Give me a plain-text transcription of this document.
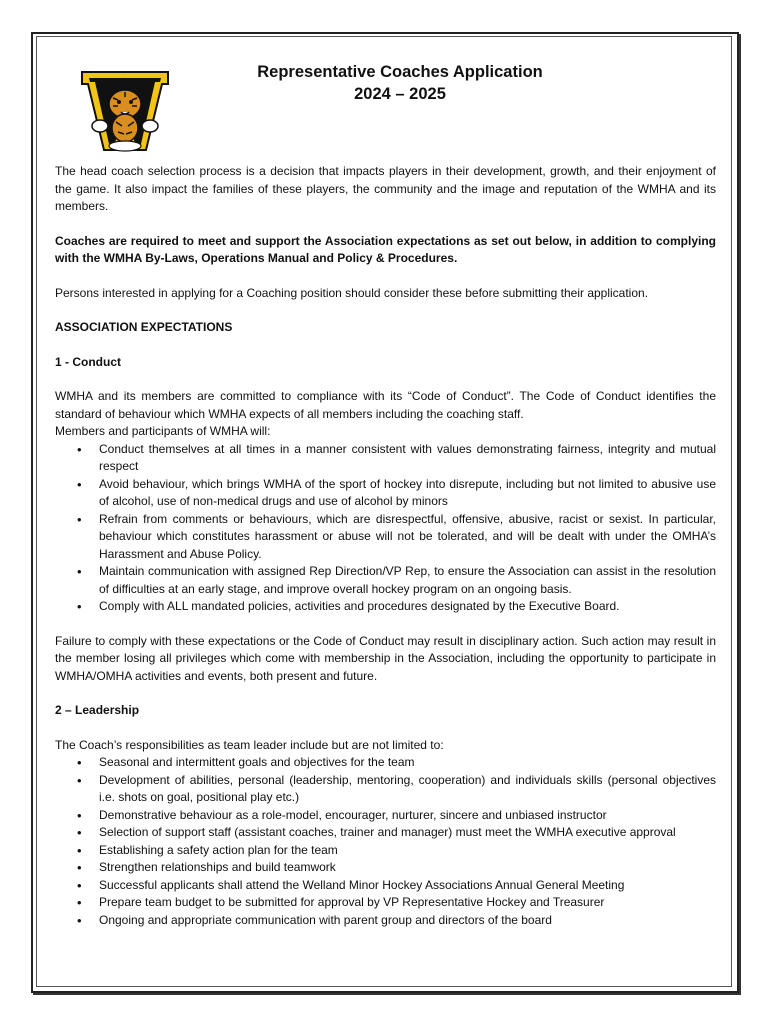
W	Representative Coaches Application
2024 – 2025

The head coach selection process is a decision that impacts players in their development, growth, and their enjoyment of the game. It also impact the families of these players, the community and the image and reputation of the WMHA and its members.

Coaches are required to meet and support the Association expectations as set out below, in addition to complying with the WMHA By-Laws, Operations Manual and Policy & Procedures.

Persons interested in applying for a Coaching position should consider these before submitting their application.

ASSOCIATION EXPECTATIONS
1 - Conduct

WMHA and its members are committed to compliance with its “Code of Conduct”. The Code of Conduct identifies the standard of behaviour which WMHA expects of all members including the coaching staff.

Members and participants of WMHA will:

• Conduct themselves at all times in a manner consistent with values demonstrating fairness, integrity and mutual respect
• Avoid behaviour, which brings WMHA of the sport of hockey into disrepute, including but not limited to abusive use of alcohol, use of non-medical drugs and use of alcohol by minors
• Refrain from comments or behaviours, which are disrespectful, offensive, abusive, racist or sexist. In particular, behaviour which constitutes harassment or abuse will not be tolerated, and will be dealt with under the OMHA’s Harassment and Abuse Policy.
• Maintain communication with assigned Rep Direction/VP Rep, to ensure the Association can assist in the resolution of difficulties at an early stage, and improve overall hockey program on an ongoing basis.
• Comply with ALL mandated policies, activities and procedures designated by the Executive Board.

Failure to comply with these expectations or the Code of Conduct may result in disciplinary action. Such action may result in the member losing all privileges which come with membership in the Association, including the opportunity to participate in WMHA/OMHA activities and events, both present and future.

2 – Leadership

The Coach’s responsibilities as team leader include but are not limited to:

• Seasonal and intermittent goals and objectives for the team
• Development of abilities, personal (leadership, mentoring, cooperation) and individuals skills (personal objectives i.e. shots on goal, positional play etc.)
• Demonstrative behaviour as a role-model, encourager, nurturer, sincere and unbiased instructor
• Selection of support staff (assistant coaches, trainer and manager) must meet the WMHA executive approval
• Establishing a safety action plan for the team
• Strengthen relationships and build teamwork
• Successful applicants shall attend the Welland Minor Hockey Associations Annual General Meeting
• Prepare team budget to be submitted for approval by VP Representative Hockey and Treasurer
• Ongoing and appropriate communication with parent group and directors of the board
